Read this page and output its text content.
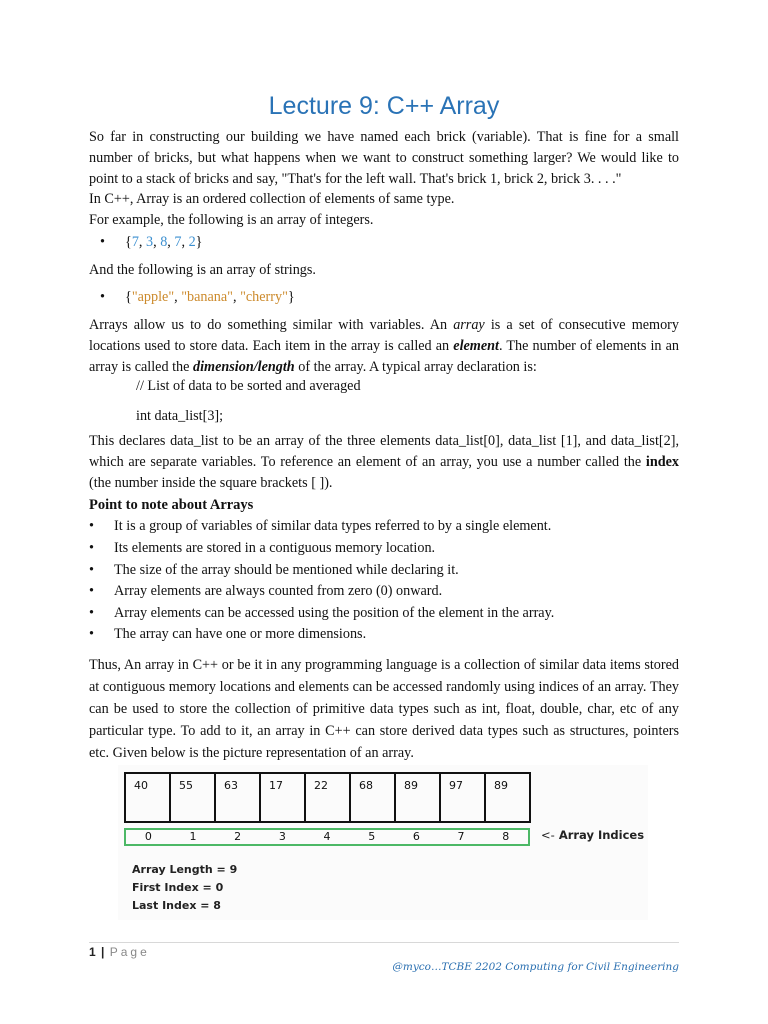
Lecture 9: C++ Array
So far in constructing our building we have named each brick (variable). That is fine for a small number of bricks, but what happens when we want to construct something larger? We would like to point to a stack of bricks and say, "That's for the left wall. That's brick 1, brick 2, brick 3. . . ."
In C++, Array is an ordered collection of elements of same type.
For example, the following is an array of integers.
• {7, 3, 8, 7, 2}
And the following is an array of strings.
• {"apple", "banana", "cherry"}
Arrays allow us to do something similar with variables. An array is a set of consecutive memory locations used to store data. Each item in the array is called an element. The number of elements in an array is called the dimension/length of the array. A typical array declaration is:
// List of data to be sorted and averaged
int data_list[3];
This declares data_list to be an array of the three elements data_list[0], data_list [1], and data_list[2], which are separate variables. To reference an element of an array, you use a number called the index (the number inside the square brackets [ ]).
Point to note about Arrays
• It is a group of variables of similar data types referred to by a single element.
• Its elements are stored in a contiguous memory location.
• The size of the array should be mentioned while declaring it.
• Array elements are always counted from zero (0) onward.
• Array elements can be accessed using the position of the element in the array.
• The array can have one or more dimensions.
Thus, An array in C++ or be it in any programming language is a collection of similar data items stored at contiguous memory locations and elements can be accessed randomly using indices of an array. They can be used to store the collection of primitive data types such as int, float, double, char, etc of any particular type. To add to it, an array in C++ can store derived data types such as structures, pointers etc. Given below is the picture representation of an array.
40	55	63	17	22	68	89	97	89
0	1	2	3	4	5	6	7	8	<- Array Indices
Array Length = 9
First Index = 0
Last Index = 8
1 | Page
@myco…TCBE 2202 Computing for Civil Engineering
